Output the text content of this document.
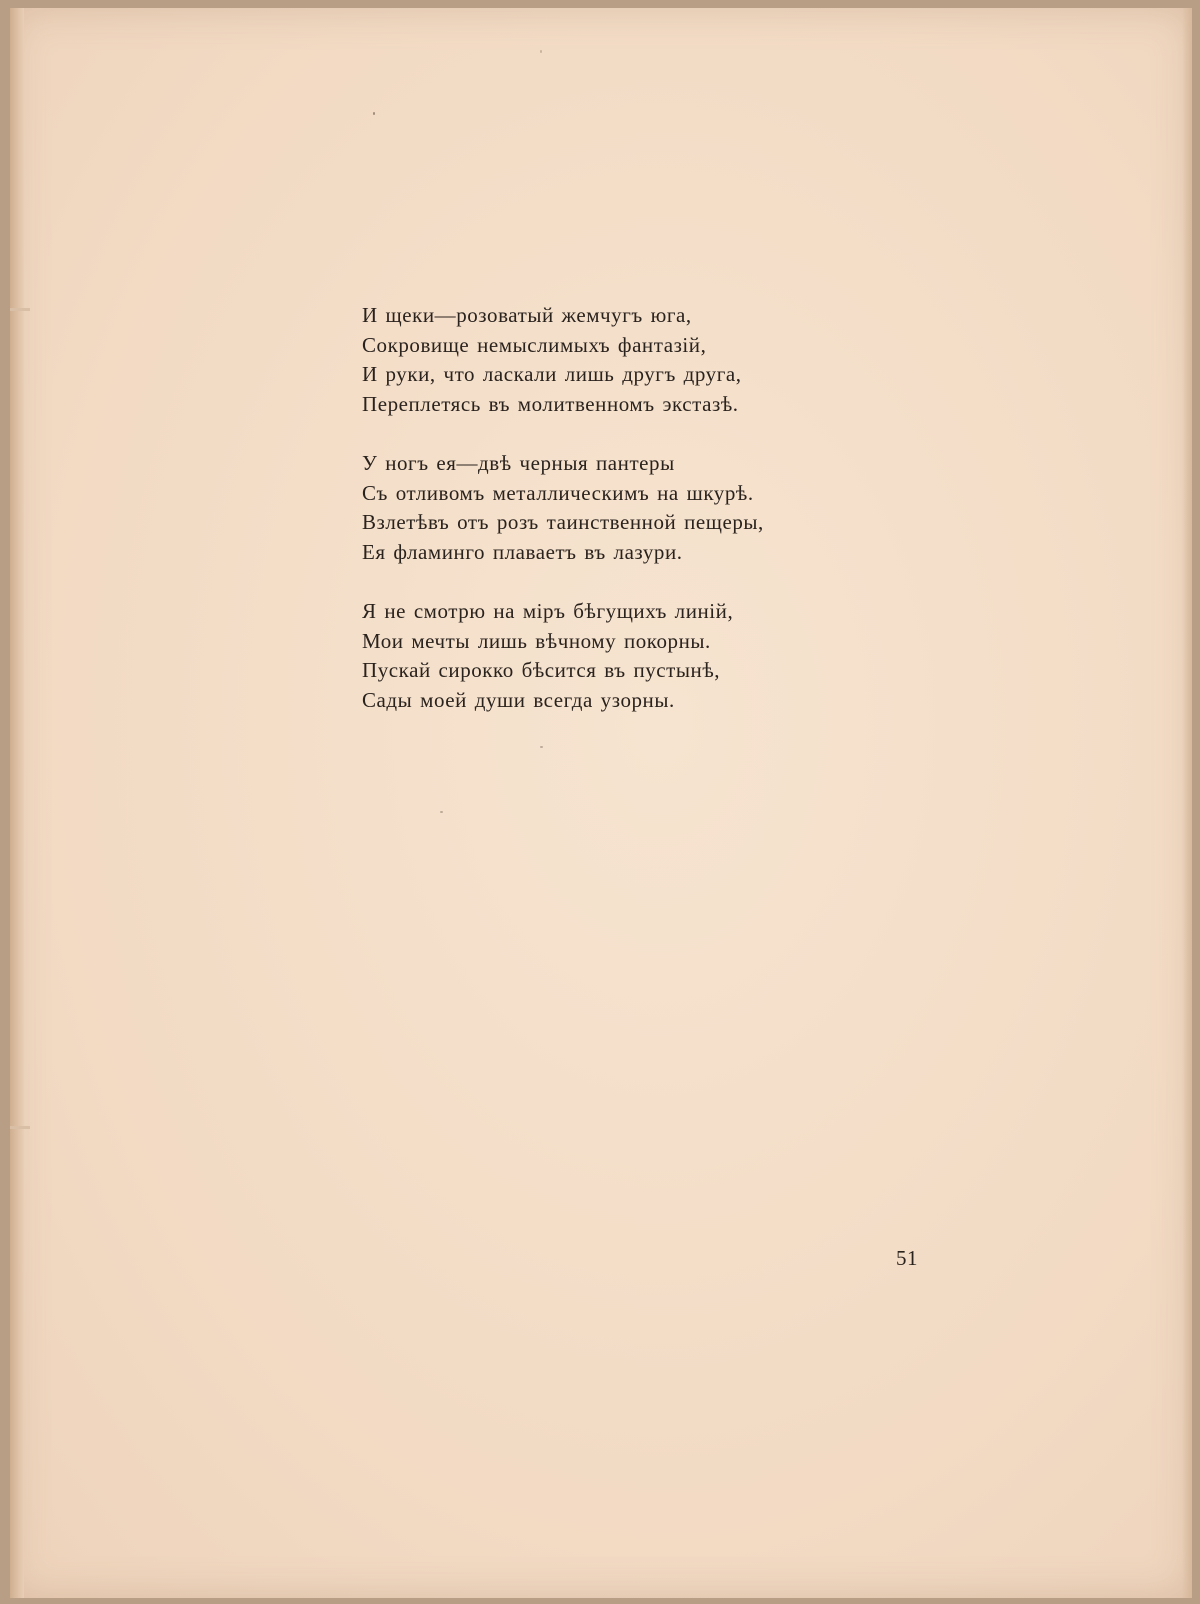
И щеки—розоватый жемчугъ юга,
Сокровище немыслимыхъ фантазій,
И руки, что ласкали лишь другъ друга,
Переплетясь въ молитвенномъ экстазѣ.
У ногъ ея—двѣ черныя пантеры
Съ отливомъ металлическимъ на шкурѣ.
Взлетѣвъ отъ розъ таинственной пещеры,
Ея фламинго плаваетъ въ лазури.
Я не смотрю на міръ бѣгущихъ линій,
Мои мечты лишь вѣчному покорны.
Пускай сирокко бѣсится въ пустынѣ,
Сады моей души всегда узорны.
51
